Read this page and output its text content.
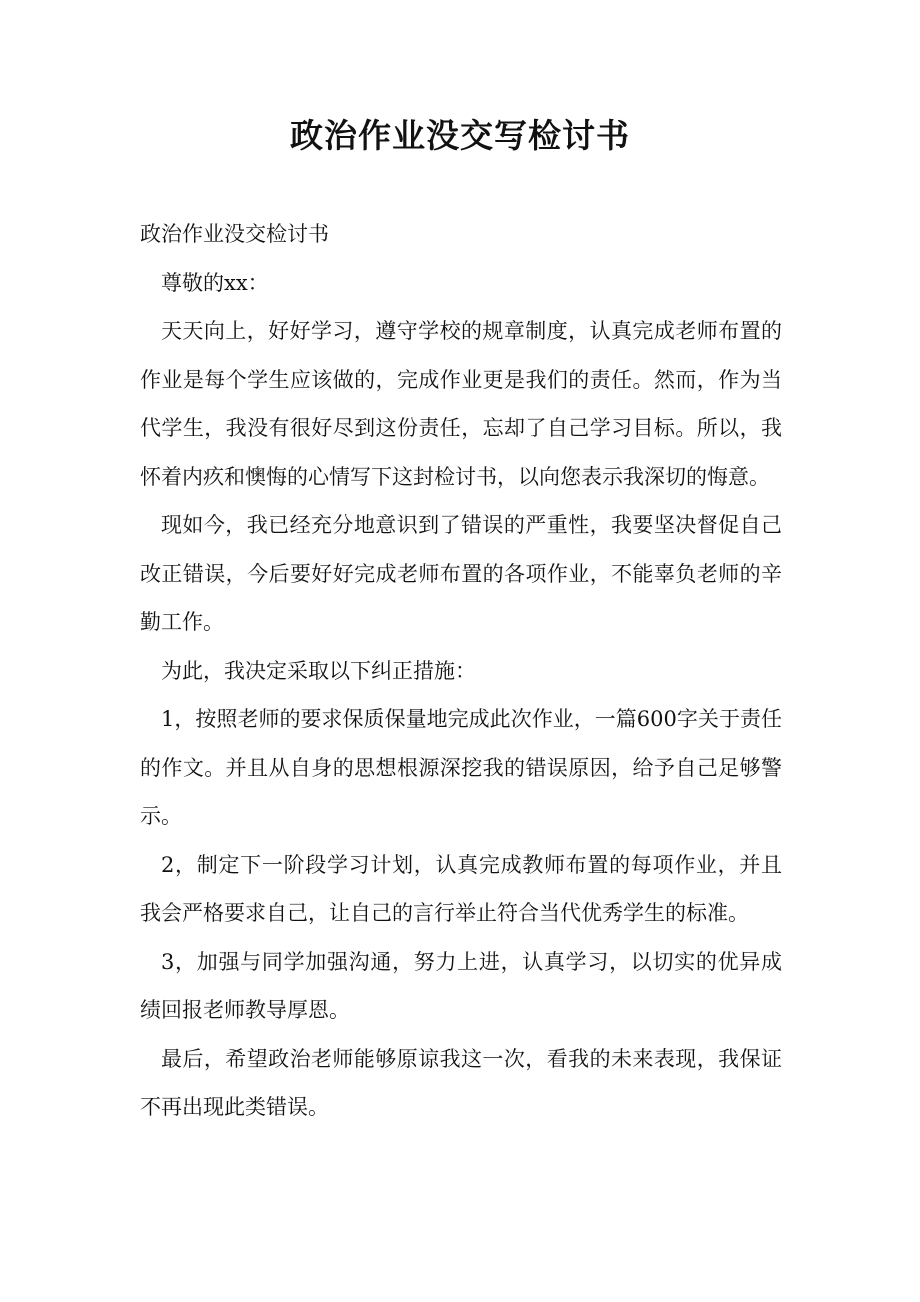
政治作业没交写检讨书

政治作业没交检讨书

尊敬的xx：

天天向上，好好学习，遵守学校的规章制度，认真完成老师布置的作业是每个学生应该做的，完成作业更是我们的责任。然而，作为当代学生，我没有很好尽到这份责任，忘却了自己学习目标。所以，我怀着内疚和懊悔的心情写下这封检讨书，以向您表示我深切的悔意。

现如今，我已经充分地意识到了错误的严重性，我要坚决督促自己改正错误，今后要好好完成老师布置的各项作业，不能辜负老师的辛勤工作。

为此，我决定采取以下纠正措施：

1，按照老师的要求保质保量地完成此次作业，一篇600字关于责任的作文。并且从自身的思想根源深挖我的错误原因，给予自己足够警示。

2，制定下一阶段学习计划，认真完成教师布置的每项作业，并且我会严格要求自己，让自己的言行举止符合当代优秀学生的标准。

3，加强与同学加强沟通，努力上进，认真学习，以切实的优异成绩回报老师教导厚恩。

最后，希望政治老师能够原谅我这一次，看我的未来表现，我保证不再出现此类错误。
